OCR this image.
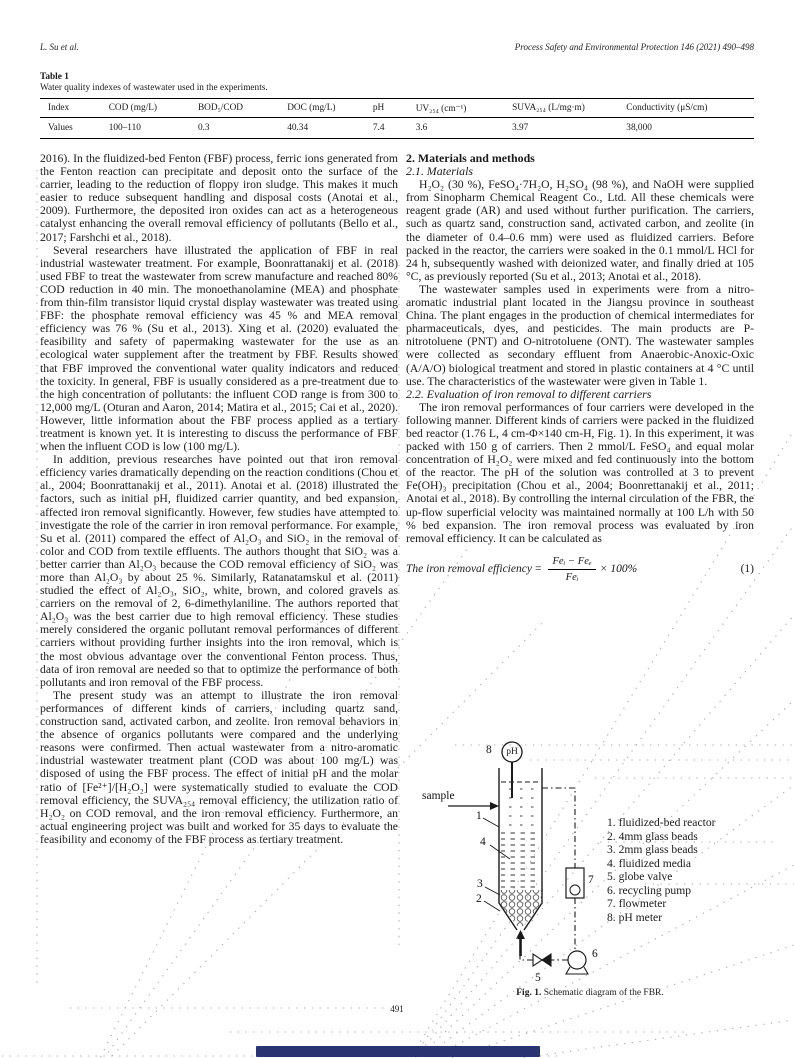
L. Su et al.	Process Safety and Environmental Protection 146 (2021) 490–498
Table 1
Water quality indexes of wastewater used in the experiments.
Index	COD (mg/L)	BOD₅/COD	DOC (mg/L)	pH	UV₂₅₄ (cm⁻¹)	SUVA₂₅₄ (L/mg·m)	Conductivity (μS/cm)
Values	100–110	0.3	40.34	7.4	3.6	3.97	38,000

2016). In the fluidized-bed Fenton (FBF) process, ferric ions generated from the Fenton reaction can precipitate and deposit onto the surface of the carrier, leading to the reduction of floppy iron sludge. This makes it much easier to reduce subsequent handling and disposal costs (Anotai et al., 2009). Furthermore, the deposited iron oxides can act as a heterogeneous catalyst enhancing the overall removal efficiency of pollutants (Bello et al., 2017; Farshchi et al., 2018).

Several researchers have illustrated the application of FBF in real industrial wastewater treatment. For example, Boonrattanakij et al. (2018) used FBF to treat the wastewater from screw manufacture and reached 80% COD reduction in 40 min. The monoethanolamine (MEA) and phosphate from thin-film transistor liquid crystal display wastewater was treated using FBF: the phosphate removal efficiency was 45 % and MEA removal efficiency was 76 % (Su et al., 2013). Xing et al. (2020) evaluated the feasibility and safety of papermaking wastewater for the use as an ecological water supplement after the treatment by FBF. Results showed that FBF improved the conventional water quality indicators and reduced the toxicity. In general, FBF is usually considered as a pre-treatment due to the high concentration of pollutants: the influent COD range is from 300 to 12,000 mg/L (Oturan and Aaron, 2014; Matira et al., 2015; Cai et al., 2020). However, little information about the FBF process applied as a tertiary treatment is known yet. It is interesting to discuss the performance of FBF when the influent COD is low (100 mg/L).

In addition, previous researches have pointed out that iron removal efficiency varies dramatically depending on the reaction conditions (Chou et al., 2004; Boonrattanakij et al., 2011). Anotai et al. (2018) illustrated the factors, such as initial pH, fluidized carrier quantity, and bed expansion, affected iron removal significantly. However, few studies have attempted to investigate the role of the carrier in iron removal performance. For example, Su et al. (2011) compared the effect of Al₂O₃ and SiO₂ in the removal of color and COD from textile effluents. The authors thought that SiO₂ was a better carrier than Al₂O₃ because the COD removal efficiency of SiO₂ was more than Al₂O₃ by about 25 %. Similarly, Ratanatamskul et al. (2011) studied the effect of Al₂O₃, SiO₂, white, brown, and colored gravels as carriers on the removal of 2, 6-dimethylaniline. The authors reported that Al₂O₃ was the best carrier due to high removal efficiency. These studies merely considered the organic pollutant removal performances of different carriers without providing further insights into the iron removal, which is the most obvious advantage over the conventional Fenton process. Thus, data of iron removal are needed so that to optimize the performance of both pollutants and iron removal of the FBF process.

The present study was an attempt to illustrate the iron removal performances of different kinds of carriers, including quartz sand, construction sand, activated carbon, and zeolite. Iron removal behaviors in the absence of organics pollutants were compared and the underlying reasons were confirmed. Then actual wastewater from a nitro-aromatic industrial wastewater treatment plant (COD was about 100 mg/L) was disposed of using the FBF process. The effect of initial pH and the molar ratio of [Fe²⁺]/[H₂O₂] were systematically studied to evaluate the COD removal efficiency, the SUVA₂₅₄ removal efficiency, the utilization ratio of H₂O₂ on COD removal, and the iron removal efficiency. Furthermore, an actual engineering project was built and worked for 35 days to evaluate the feasibility and economy of the FBF process as tertiary treatment.

2. Materials and methods

2.1. Materials

H₂O₂ (30 %), FeSO₄·7H₂O, H₂SO₄ (98 %), and NaOH were supplied from Sinopharm Chemical Reagent Co., Ltd. All these chemicals were reagent grade (AR) and used without further purification. The carriers, such as quartz sand, construction sand, activated carbon, and zeolite (in the diameter of 0.4–0.6 mm) were used as fluidized carriers. Before packed in the reactor, the carriers were soaked in the 0.1 mmol/L HCl for 24 h, subsequently washed with deionized water, and finally dried at 105 °C, as previously reported (Su et al., 2013; Anotai et al., 2018).

The wastewater samples used in experiments were from a nitro-aromatic industrial plant located in the Jiangsu province in southeast China. The plant engages in the production of chemical intermediates for pharmaceuticals, dyes, and pesticides. The main products are P-nitrotoluene (PNT) and O-nitrotoluene (ONT). The wastewater samples were collected as secondary effluent from Anaerobic-Anoxic-Oxic (A/A/O) biological treatment and stored in plastic containers at 4 °C until use. The characteristics of the wastewater were given in Table 1.

2.2. Evaluation of iron removal to different carriers

The iron removal performances of four carriers were developed in the following manner. Different kinds of carriers were packed in the fluidized bed reactor (1.76 L, 4 cm-Φ×140 cm-H, Fig. 1). In this experiment, it was packed with 150 g of carriers. Then 2 mmol/L FeSO₄ and equal molar concentration of H₂O₂ were mixed and fed continuously into the bottom of the reactor. The pH of the solution was controlled at 3 to prevent Fe(OH)₃ precipitation (Chou et al., 2004; Boonrettanakij et al., 2011; Anotai et al., 2018). By controlling the internal circulation of the FBR, the up-flow superficial velocity was maintained normally at 100 L/h with 50 % bed expansion. The iron removal process was evaluated by iron removal efficiency. It can be calculated as

The iron removal efficiency = $\frac{\text{Feᵢ − Feₑ}}{\text{Feᵢ}} \times 100\%$	(1)
8	pH
sample
1
4
3
2
7
6
5
1. fluidized-bed reactor
2. 4mm glass beads
3. 2mm glass beads
4. fluidized media
5. globe valve
6. recycling pump
7. flowmeter
8. pH meter
Fig. 1. Schematic diagram of the FBR.
491
